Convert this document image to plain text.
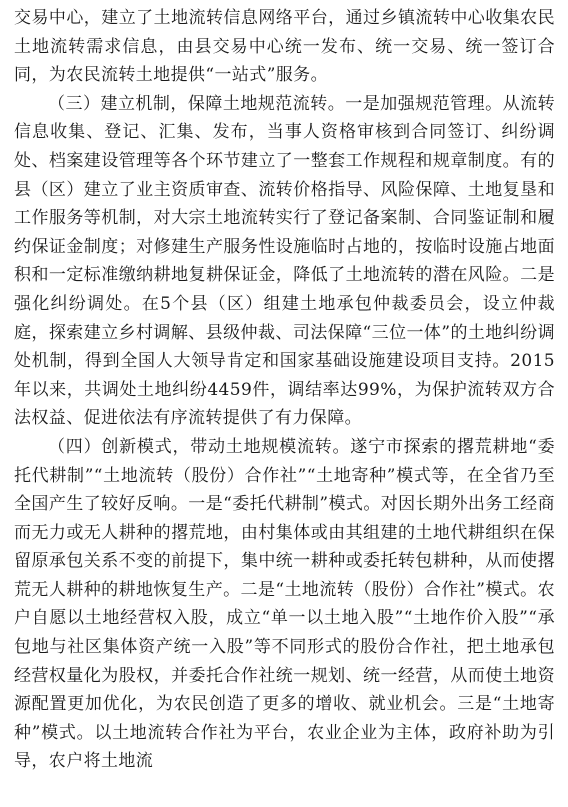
交易中心，建立了土地流转信息网络平台，通过乡镇流转中心收集农民土地流转需求信息，由县交易中心统一发布、统一交易、统一签订合同，为农民流转土地提供“一站式”服务。

（三）建立机制，保障土地规范流转。一是加强规范管理。从流转信息收集、登记、汇集、发布，当事人资格审核到合同签订、纠纷调处、档案建设管理等各个环节建立了一整套工作规程和规章制度。有的县（区）建立了业主资质审查、流转价格指导、风险保障、土地复垦和工作服务等机制，对大宗土地流转实行了登记备案制、合同鉴证制和履约保证金制度；对修建生产服务性设施临时占地的，按临时设施占地面积和一定标准缴纳耕地复耕保证金，降低了土地流转的潜在风险。二是强化纠纷调处。在5个县（区）组建土地承包仲裁委员会，设立仲裁庭，探索建立乡村调解、县级仲裁、司法保障“三位一体”的土地纠纷调处机制，得到全国人大领导肯定和国家基础设施建设项目支持。2015年以来，共调处土地纠纷4459件，调结率达99%，为保护流转双方合法权益、促进依法有序流转提供了有力保障。

（四）创新模式，带动土地规模流转。遂宁市探索的撂荒耕地“委托代耕制”“土地流转（股份）合作社”“土地寄种”模式等，在全省乃至全国产生了较好反响。一是“委托代耕制”模式。对因长期外出务工经商而无力或无人耕种的撂荒地，由村集体或由其组建的土地代耕组织在保留原承包关系不变的前提下，集中统一耕种或委托转包耕种，从而使撂荒无人耕种的耕地恢复生产。二是“土地流转（股份）合作社”模式。农户自愿以土地经营权入股，成立“单一以土地入股”“土地作价入股”“承包地与社区集体资产统一入股”等不同形式的股份合作社，把土地承包经营权量化为股权，并委托合作社统一规划、统一经营，从而使土地资源配置更加优化，为农民创造了更多的增收、就业机会。三是“土地寄种”模式。以土地流转合作社为平台，农业企业为主体，政府补助为引导，农户将土地流
